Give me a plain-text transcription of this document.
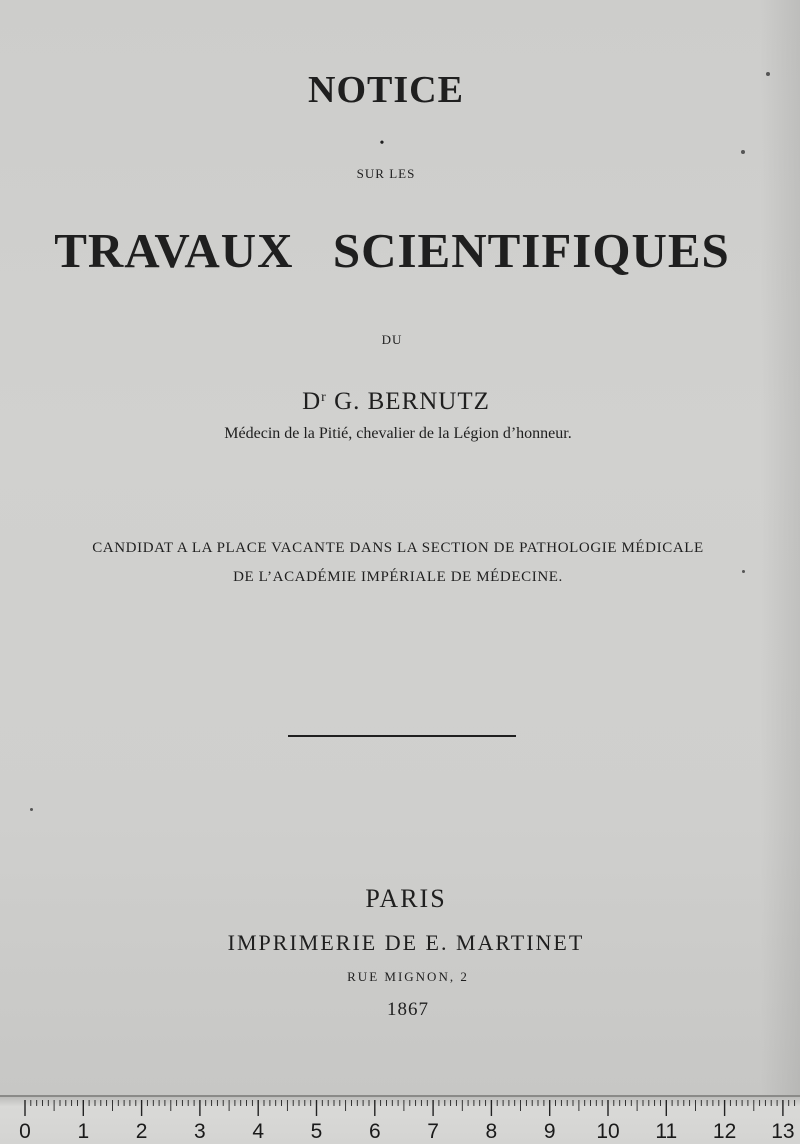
NOTICE
•
SUR LES
TRAVAUX SCIENTIFIQUES
DU
$D^r$ G. BERNUTZ
Médecin de la Pitié, chevalier de la Légion d’honneur.
CANDIDAT A LA PLACE VACANTE DANS LA SECTION DE PATHOLOGIE MÉDICALE
DE L’ACADÉMIE IMPÉRIALE DE MÉDECINE.
PARIS
IMPRIMERIE DE E. MARTINET
RUE MIGNON, 2
1867
0 1 2 3 4 5 6 7 8 9 10 11 12 13
